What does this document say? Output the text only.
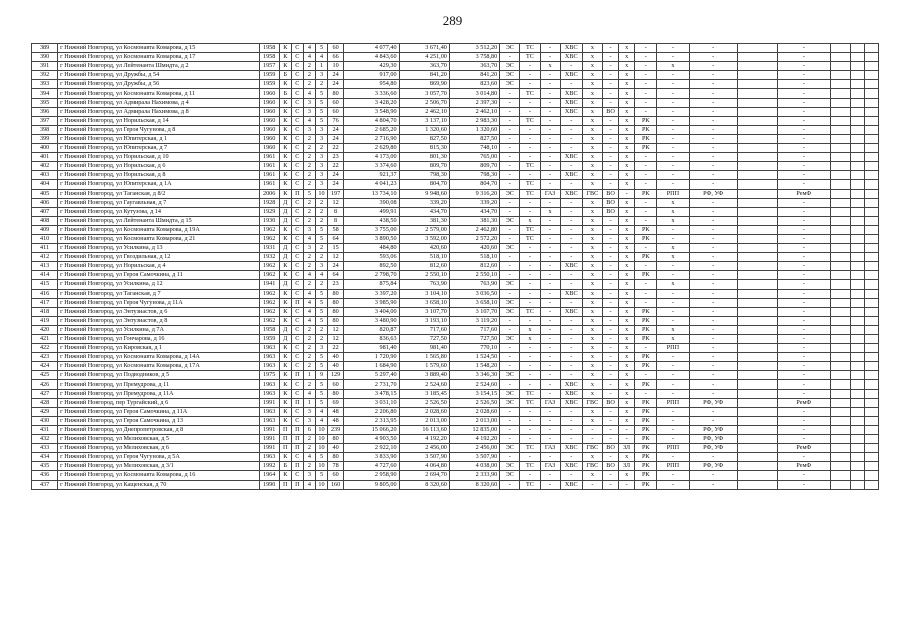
289
389	г Нижний Новгород, ул Космонавта Комарова, д 15	1958	К	С	4	5	60	4 077,40	3 671,40	3 512,20	ЭС	ТС	-	ХВС	х	-	х	-	-	-		-			
390	г Нижний Новгород, ул Космонавта Комарова, д 17	1958	К	С	4	4	66	4 843,60	4 251,00	3 758,80	-	ТС	-	ХВС	х	-	х	-	-	-		-			
391	г Нижний Новгород, ул Лейтенанта Шмидта, д 2	1957	К	С	2	1	10	429,30	363,70	363,70	ЭС	-	х	-	х	-	х	-	х	-		-			
392	г Нижний Новгород, ул Дружбы, д 54	1959	Б	С	2	3	24	917,00	841,20	841,20	ЭС	-	-	ХВС	х	-	х	-	-	-		-			
393	г Нижний Новгород, ул Дружбы, д 56	1959	К	С	2	2	24	954,80	869,90	823,60	ЭС	-	-	-	х	-	х	-	-	-		-			
394	г Нижний Новгород, ул Космонавта Комарова, д 11	1960	Б	С	4	5	80	3 336,60	3 057,70	3 014,80	-	ТС	-	ХВС	х	-	х	-	-	-		-			
395	г Нижний Новгород, ул Адмирала Нахимова, д 4	1960	К	С	3	5	60	3 428,20	2 506,70	2 397,30	-	-	-	ХВС	х	-	х	-	-	-		-			
396	г Нижний Новгород, ул Адмирала Нахимова, д 8	1960	К	С	3	5	60	3 548,90	2 462,10	2 462,10	-	-	-	ХВС	х	ВО	х	-	-	-		-			
397	г Нижний Новгород, ул Норильская, д 14	1960	К	С	4	5	76	4 804,70	3 137,10	2 983,30	-	ТС	-	-	х	-	х	РК	-	-		-			
398	г Нижний Новгород, ул Героя Чугунова, д 8	1960	К	С	3	3	24	2 685,20	1 320,60	1 320,60	-	-	-	-	х	-	х	РК	-	-		-			
399	г Нижний Новгород, ул Юпитерская, д 1	1960	К	С	2	3	24	2 716,90	827,50	827,50	-	-	-	-	х	-	х	РК	-	-		-			
400	г Нижний Новгород, ул Юпитерская, д 7	1960	К	С	2	2	22	2 629,80	815,30	748,10	-	-	-	-	х	-	х	РК	-	-		-			
401	г Нижний Новгород, ул Норильская, д 10	1961	К	С	2	3	23	4 173,00	801,30	765,00	-	-	-	ХВС	х	-	х	-	-	-		-			
402	г Нижний Новгород, ул Норильская, д 6	1961	К	С	2	3	22	3 374,60	809,70	809,70	-	ТС	-	-	х	-	х	-	-	-		-			
403	г Нижний Новгород, ул Норильская, д 8	1961	К	С	2	3	24	921,37	798,30	798,30	-	-	-	ХВС	х	-	х	-	-	-		-			
404	г Нижний Новгород, ул Юпитерская, д 1А	1961	К	С	2	3	24	4 041,23	804,70	804,70	-	ТС	-	-	х	-	х	-	-	-		-			
405	г Нижний Новгород, ул Таганская, д 8/2	2006	К	П	5	10	197	13 734,10	9 948,60	9 316,20	ЭС	ТС	ГАЗ	ХВС	ГВС	ВО	-	РК	РПП	РФ, УФ		РемФ			
406	г Нижний Новгород, ул Гаугавльная, д 7	1928	Д	С	2	2	12	390,08	339,20	339,20	-	-	-	-	х	ВО	х	-	х	-		-			
407	г Нижний Новгород, ул Кутузова, д 14	1929	Д	С	2	2	8	499,91	434,70	434,70	-	-	х	-	х	ВО	х	-	х	-		-			
408	г Нижний Новгород, ул Лейтенанта Шмидта, д 15	1930	Д	С	2	2	8	438,50	381,30	381,30	ЭС	х	-	-	х	-	х	-	х	-		-			
409	г Нижний Новгород, ул Космонавта Комарова, д 19А	1962	К	С	3	5	58	3 755,00	2 579,00	2 462,80	-	ТС	-	-	х	-	х	РК	-	-		-			
410	г Нижний Новгород, ул Космонавта Комарова, д 21	1962	К	С	4	5	64	3 890,50	3 592,00	2 572,20	-	ТС	-	-	х	-	х	РК	-	-		-			
411	г Нижний Новгород, ул Усилкина, д 13	1931	Д	С	3	2	15	484,80	420,60	420,60	ЭС	-	-	-	х	-	х	-	х	-		-			
412	г Нижний Новгород, ул Гвоздильная, д 12	1932	Д	С	2	2	12	593,06	518,10	518,10	-	-	-	-	х	-	х	РК	х	-		-			
413	г Нижний Новгород, ул Норильская, д 4	1962	К	С	2	3	24	892,50	812,60	812,60	-	-	-	ХВС	х	-	х	-	-	-		-			
414	г Нижний Новгород, ул Героя Самочкина, д 11	1962	К	С	4	4	64	2 798,70	2 550,10	2 550,10	-	-	-	-	х	-	х	РК	-	-		-			
415	г Нижний Новгород, ул Усилкина, д 12	1941	Д	С	2	2	23	875,84	763,90	763,90	ЭС	-	-	-	х	-	х	-	х	-		-			
416	г Нижний Новгород, ул Таганская, д 7	1962	К	С	4	5	80	3 397,20	3 104,10	3 036,50	-	-	-	ХВС	х	-	х	-	-	-		-			
417	г Нижний Новгород, ул Героя Чугунова, д 11А	1962	К	П	4	5	80	3 985,90	3 658,10	3 658,10	ЭС	-	-	-	х	-	х	-	-	-		-			
418	г Нижний Новгород, ул Энтузиастов, д 6	1962	К	С	4	5	80	3 404,00	3 107,70	3 107,70	ЭС	ТС	-	ХВС	х	-	х	РК	-	-		-			
419	г Нижний Новгород, ул Энтузиастов, д 8	1962	К	С	4	5	80	3 480,90	3 193,10	3 119,20	-	-	-	-	х	-	х	РК	-	-		-			
420	г Нижний Новгород, ул Усилкина, д 7А	1958	Д	С	2	2	12	820,87	717,60	717,60	-	х	-	-	х	-	х	РК	х	-		-			
421	г Нижний Новгород, ул Гончарова, д 16	1959	Д	С	2	2	12	836,63	727,50	727,50	ЭС	х	-	-	х	-	х	РК	х	-		-			
422	г Нижний Новгород, ул Кировская, д 1	1963	К	С	2	3	22	981,40	981,40	770,10	-	-	-	-	х	-	х	-	РПП	-		-			
423	г Нижний Новгород, ул Космонавта Комарова, д 14А	1963	К	С	2	5	40	1 720,90	1 565,80	1 524,50	-	-	-	-	х	-	х	РК	-	-		-			
424	г Нижний Новгород, ул Космонавта Комарова, д 17А	1963	К	С	2	5	40	1 684,90	1 579,60	1 548,20	-	-	-	-	х	-	х	РК	-	-		-			
425	г Нижний Новгород, ул Подводников, д 5	1975	К	П	1	9	129	5 297,40	3 889,40	3 346,30	ЭС	-	-	-	х	-	х	-	-	-		-			
426	г Нижний Новгород, ул Премудрова, д 11	1963	К	С	2	5	60	2 731,70	2 524,60	2 524,60	-	-	-	ХВС	х	-	х	РК	-	-		-			
427	г Нижний Новгород, ул Премудрова, д 11А	1963	К	С	4	5	80	3 478,15	3 185,45	3 154,15	ЭС	ТС	-	ХВС	х	-	х	-	-	-		-			
428	г Нижний Новгород, пер Тургайский, д 6	1991	К	П	1	5	69	3 031,10	2 526,50	2 526,50	ЭС	ТС	ГАЗ	ХВС	ГВС	ВО	х	РК	РПП	РФ, УФ		РемФ			
429	г Нижний Новгород, ул Героя Самочкина, д 11А	1963	К	С	3	4	48	2 206,80	2 028,60	2 028,60	-	-	-	-	х	-	х	РК	-	-		-			
430	г Нижний Новгород, ул Героя Самочкина, д 13	1963	К	С	3	4	48	2 313,95	2 013,00	2 013,00	-	-	-	-	х	-	х	РК	-	-		-			
431	г Нижний Новгород, ул Днепропетровская, д 8	1991	П	П	6	10	239	15 066,20	16 113,60	12 835,00	-	-	-	-	-	-	-	РК	-	РФ, УФ		-			
432	г Нижний Новгород, ул Мелиховская, д 5	1991	П	П	2	10	80	4 903,50	4 192,20	4 192,20	-	-	-	-	-	-	-	РК	-	РФ, УФ		-			
433	г Нижний Новгород, ул Мелиховская, д 6	1991	П	П	2	10	40	2 922,10	2 456,00	2 456,00	ЭС	ТС	ГАЗ	ХВС	ГВС	ВО	ЗЛ	РК	РПП	РФ, УФ		РемФ			
434	г Нижний Новгород, ул Героя Чугунова, д 5А	1963	К	С	4	5	80	3 833,90	3 507,90	3 507,90	-	-	-	-	х	-	х	РК	-	-		-			
435	г Нижний Новгород, ул Мелиховская, д 3/1	1992	Б	П	2	10	78	4 727,60	4 064,80	4 038,00	ЭС	ТС	ГАЗ	ХВС	ГВС	ВО	ЗЛ	РК	РПП	РФ, УФ		РемФ			
436	г Нижний Новгород, ул Космонавта Комарова, д 16	1964	К	С	3	5	60	2 958,90	2 694,70	2 333,90	ЭС	-	-	-	х	-	х	РК	-	-		-			
437	г Нижний Новгород, ул Кащенская, д 70	1990	П	П	4	10	160	9 805,00	8 320,60	8 320,60	-	ТС	-	ХВС	-	-	-	РК	-	-		-			
